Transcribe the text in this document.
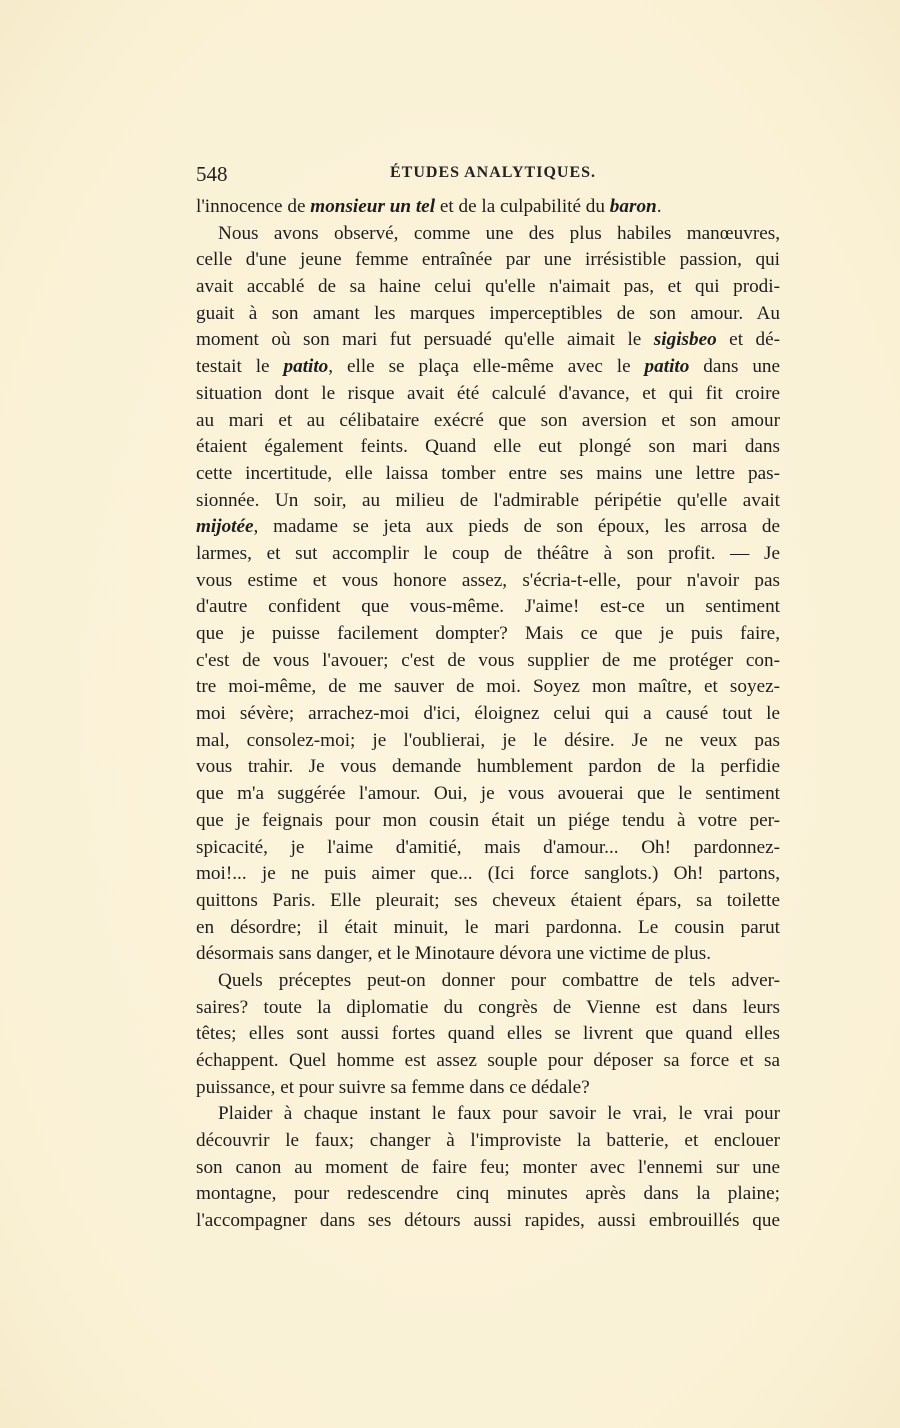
548	ÉTUDES ANALYTIQUES.
l'innocence de monsieur un tel et de la culpabilité du baron.
Nous avons observé, comme une des plus habiles manœuvres,
celle d'une jeune femme entraînée par une irrésistible passion, qui
avait accablé de sa haine celui qu'elle n'aimait pas, et qui prodi-
guait à son amant les marques imperceptibles de son amour. Au
moment où son mari fut persuadé qu'elle aimait le sigisbeo et dé-
testait le patito, elle se plaça elle-même avec le patito dans une
situation dont le risque avait été calculé d'avance, et qui fit croire
au mari et au célibataire exécré que son aversion et son amour
étaient également feints. Quand elle eut plongé son mari dans
cette incertitude, elle laissa tomber entre ses mains une lettre pas-
sionnée. Un soir, au milieu de l'admirable péripétie qu'elle avait
mijotée, madame se jeta aux pieds de son époux, les arrosa de
larmes, et sut accomplir le coup de théâtre à son profit. — Je
vous estime et vous honore assez, s'écria-t-elle, pour n'avoir pas
d'autre confident que vous-même. J'aime! est-ce un sentiment
que je puisse facilement dompter? Mais ce que je puis faire,
c'est de vous l'avouer; c'est de vous supplier de me protéger con-
tre moi-même, de me sauver de moi. Soyez mon maître, et soyez-
moi sévère; arrachez-moi d'ici, éloignez celui qui a causé tout le
mal, consolez-moi; je l'oublierai, je le désire. Je ne veux pas
vous trahir. Je vous demande humblement pardon de la perfidie
que m'a suggérée l'amour. Oui, je vous avouerai que le sentiment
que je feignais pour mon cousin était un piége tendu à votre per-
spicacité, je l'aime d'amitié, mais d'amour... Oh! pardonnez-
moi!... je ne puis aimer que... (Ici force sanglots.) Oh! partons,
quittons Paris. Elle pleurait; ses cheveux étaient épars, sa toilette
en désordre; il était minuit, le mari pardonna. Le cousin parut
désormais sans danger, et le Minotaure dévora une victime de plus.
Quels préceptes peut-on donner pour combattre de tels adver-
saires? toute la diplomatie du congrès de Vienne est dans leurs
têtes; elles sont aussi fortes quand elles se livrent que quand elles
échappent. Quel homme est assez souple pour déposer sa force et sa
puissance, et pour suivre sa femme dans ce dédale?
Plaider à chaque instant le faux pour savoir le vrai, le vrai pour
découvrir le faux; changer à l'improviste la batterie, et enclouer
son canon au moment de faire feu; monter avec l'ennemi sur une
montagne, pour redescendre cinq minutes après dans la plaine;
l'accompagner dans ses détours aussi rapides, aussi embrouillés que
